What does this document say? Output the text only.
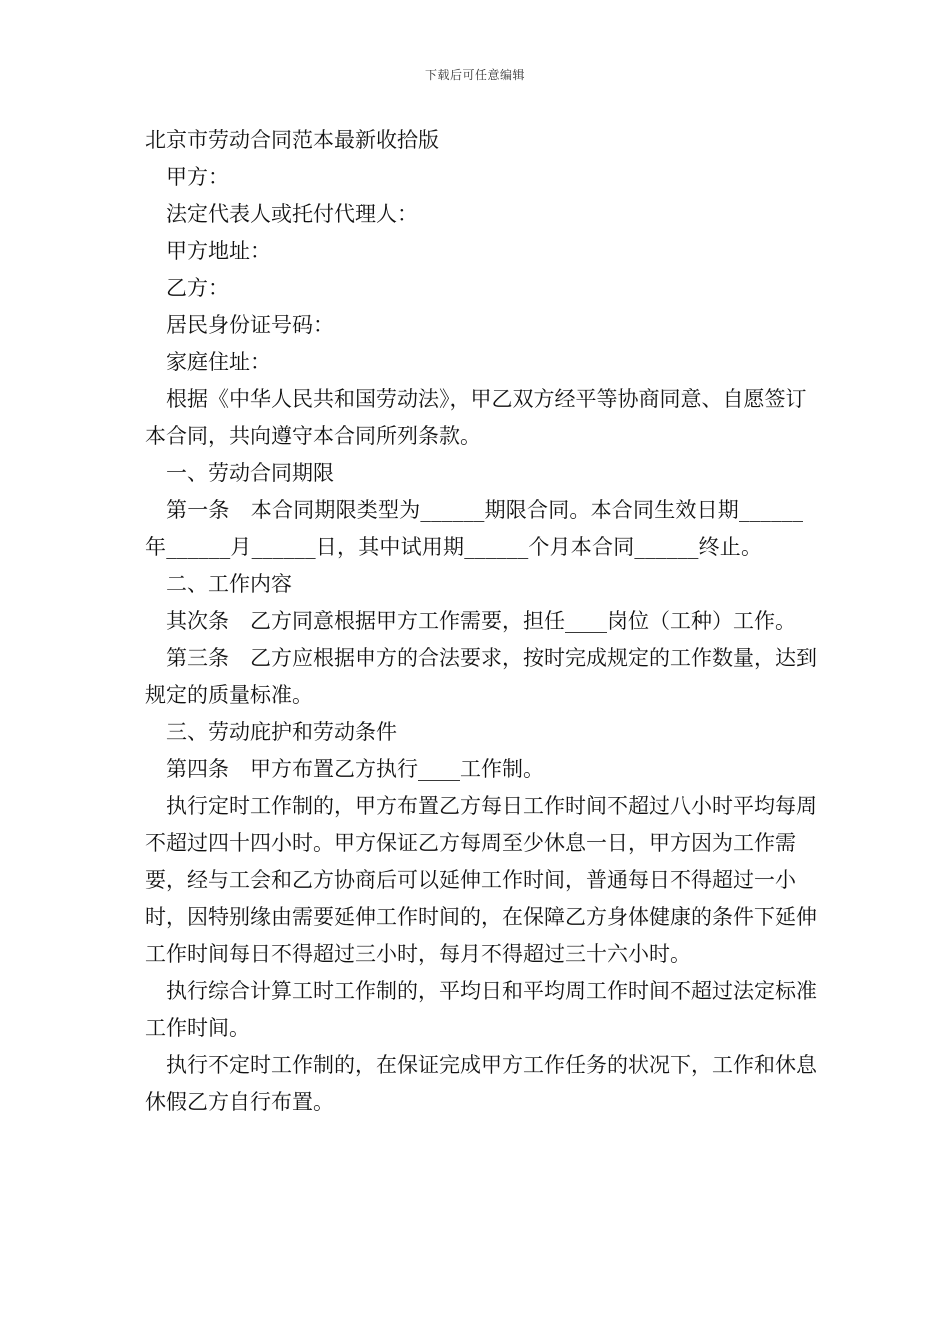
下载后可任意编辑

北京市劳动合同范本最新收拾版

甲方：

法定代表人或托付代理人：

甲方地址：

乙方：

居民身份证号码：

家庭住址：

根据《中华人民共和国劳动法》，甲乙双方经平等协商同意、自愿签订本合同，共向遵守本合同所列条款。

一、劳动合同期限

第一条　本合同期限类型为______期限合同。本合同生效日期______年______月______日，其中试用期______个月本合同______终止。

二、工作内容

其次条　乙方同意根据甲方工作需要，担任____岗位（工种）工作。

第三条　乙方应根据申方的合法要求，按时完成规定的工作数量，达到规定的质量标准。

三、劳动庇护和劳动条件

第四条　甲方布置乙方执行____工作制。

执行定时工作制的，甲方布置乙方每日工作时间不超过八小时平均每周不超过四十四小时。甲方保证乙方每周至少休息一日，甲方因为工作需要，经与工会和乙方协商后可以延伸工作时间，普通每日不得超过一小时，因特别缘由需要延伸工作时间的，在保障乙方身体健康的条件下延伸工作时间每日不得超过三小时，每月不得超过三十六小时。

执行综合计算工时工作制的，平均日和平均周工作时间不超过法定标准工作时间。

执行不定时工作制的，在保证完成甲方工作任务的状况下，工作和休息休假乙方自行布置。
